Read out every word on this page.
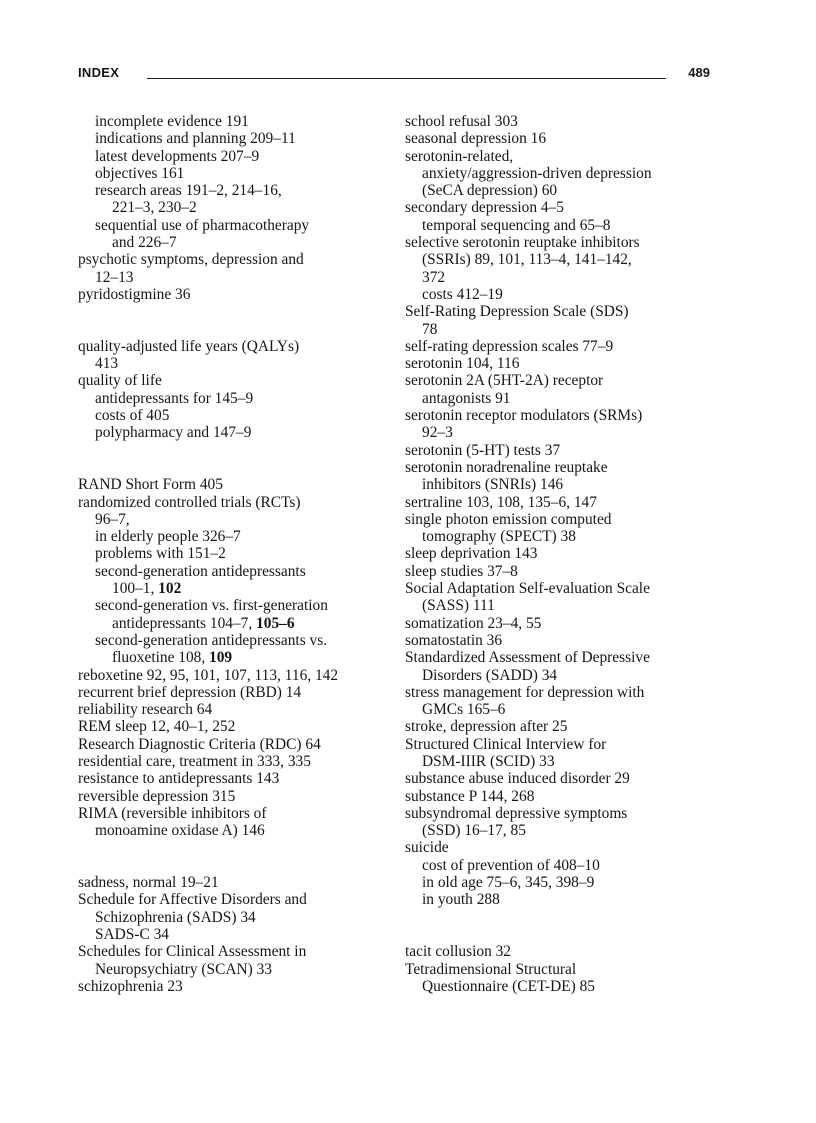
INDEX	489
incomplete evidence 191
indications and planning 209–11
latest developments 207–9
objectives 161
research areas 191–2, 214–16,
221–3, 230–2
sequential use of pharmacotherapy
and 226–7
psychotic symptoms, depression and
12–13
pyridostigmine 36
quality-adjusted life years (QALYs)
413
quality of life
antidepressants for 145–9
costs of 405
polypharmacy and 147–9
RAND Short Form 405
randomized controlled trials (RCTs)
96–7,
in elderly people 326–7
problems with 151–2
second-generation antidepressants
100–1, 102
second-generation vs. first-generation
antidepressants 104–7, 105–6
second-generation antidepressants vs.
fluoxetine 108, 109
reboxetine 92, 95, 101, 107, 113, 116, 142
recurrent brief depression (RBD) 14
reliability research 64
REM sleep 12, 40–1, 252
Research Diagnostic Criteria (RDC) 64
residential care, treatment in 333, 335
resistance to antidepressants 143
reversible depression 315
RIMA (reversible inhibitors of
monoamine oxidase A) 146
sadness, normal 19–21
Schedule for Affective Disorders and
Schizophrenia (SADS) 34
SADS-C 34
Schedules for Clinical Assessment in
Neuropsychiatry (SCAN) 33
schizophrenia 23
school refusal 303
seasonal depression 16
serotonin-related,
anxiety/aggression-driven depression
(SeCA depression) 60
secondary depression 4–5
temporal sequencing and 65–8
selective serotonin reuptake inhibitors
(SSRIs) 89, 101, 113–4, 141–142,
372
costs 412–19
Self-Rating Depression Scale (SDS)
78
self-rating depression scales 77–9
serotonin 104, 116
serotonin 2A (5HT-2A) receptor
antagonists 91
serotonin receptor modulators (SRMs)
92–3
serotonin (5-HT) tests 37
serotonin noradrenaline reuptake
inhibitors (SNRIs) 146
sertraline 103, 108, 135–6, 147
single photon emission computed
tomography (SPECT) 38
sleep deprivation 143
sleep studies 37–8
Social Adaptation Self-evaluation Scale
(SASS) 111
somatization 23–4, 55
somatostatin 36
Standardized Assessment of Depressive
Disorders (SADD) 34
stress management for depression with
GMCs 165–6
stroke, depression after 25
Structured Clinical Interview for
DSM-IIIR (SCID) 33
substance abuse induced disorder 29
substance P 144, 268
subsyndromal depressive symptoms
(SSD) 16–17, 85
suicide
cost of prevention of 408–10
in old age 75–6, 345, 398–9
in youth 288
tacit collusion 32
Tetradimensional Structural
Questionnaire (CET-DE) 85
